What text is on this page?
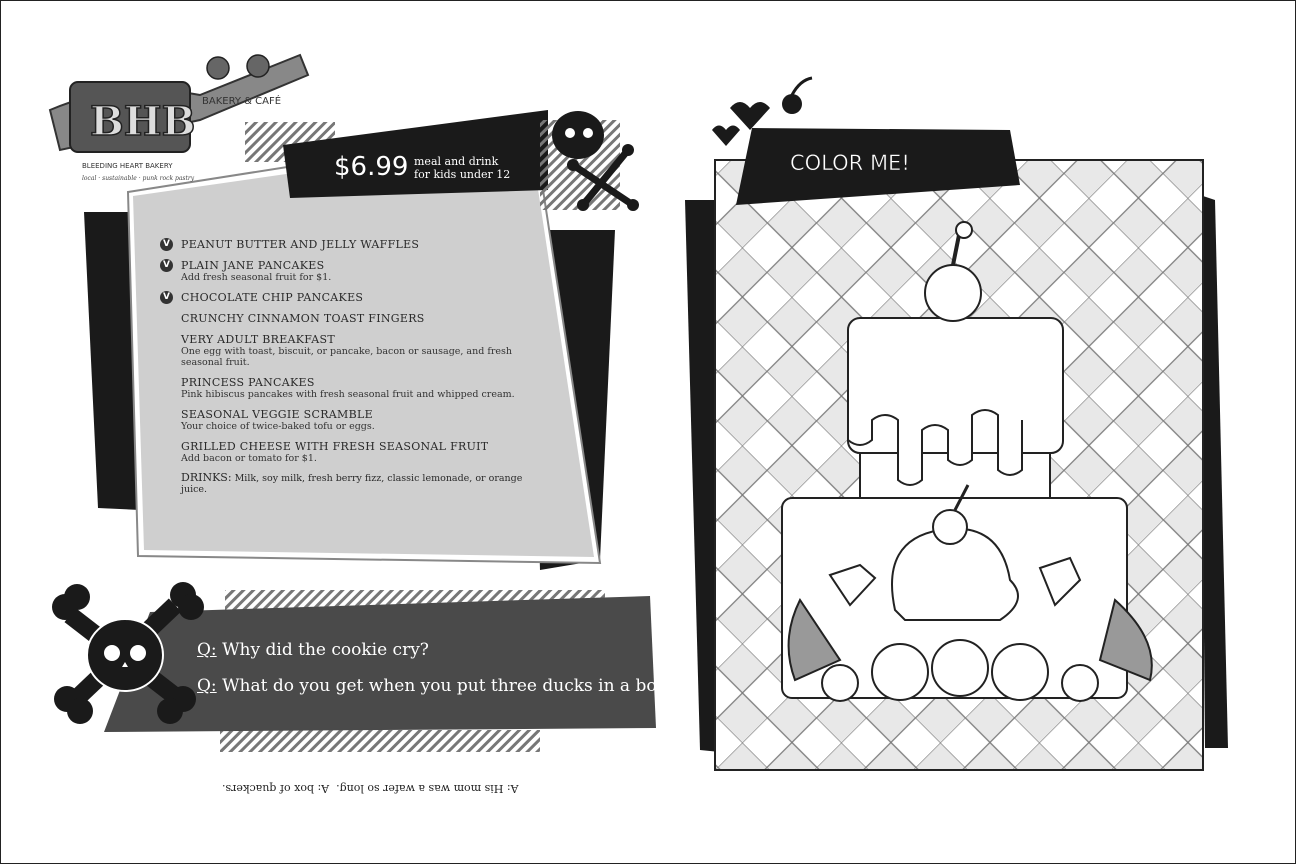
BHB BAKERY & CAFÉ
BLEEDING HEART BAKERY
local · sustainable · punk rock pastry
COLOR ME!
$6.99 meal and drink
for kids under 12
V PEANUT BUTTER AND JELLY WAFFLES
V PLAIN JANE PANCAKES
Add fresh seasonal fruit for $1.
V CHOCOLATE CHIP PANCAKES
CRUNCHY CINNAMON TOAST FINGERS
VERY ADULT BREAKFAST
One egg with toast, biscuit, or pancake, bacon or sausage, and fresh seasonal fruit.
PRINCESS PANCAKES
Pink hibiscus pancakes with fresh seasonal fruit and whipped cream.
SEASONAL VEGGIE SCRAMBLE
Your choice of twice-baked tofu or eggs.
GRILLED CHEESE WITH FRESH SEASONAL FRUIT
Add bacon or tomato for $1.
DRINKS: Milk, soy milk, fresh berry fizz, classic lemonade, or orange juice.
Q: Why did the cookie cry?
Q: What do you get when you put three ducks in a box?
A: His mom was a wafer so long.  A: box of quackers.
